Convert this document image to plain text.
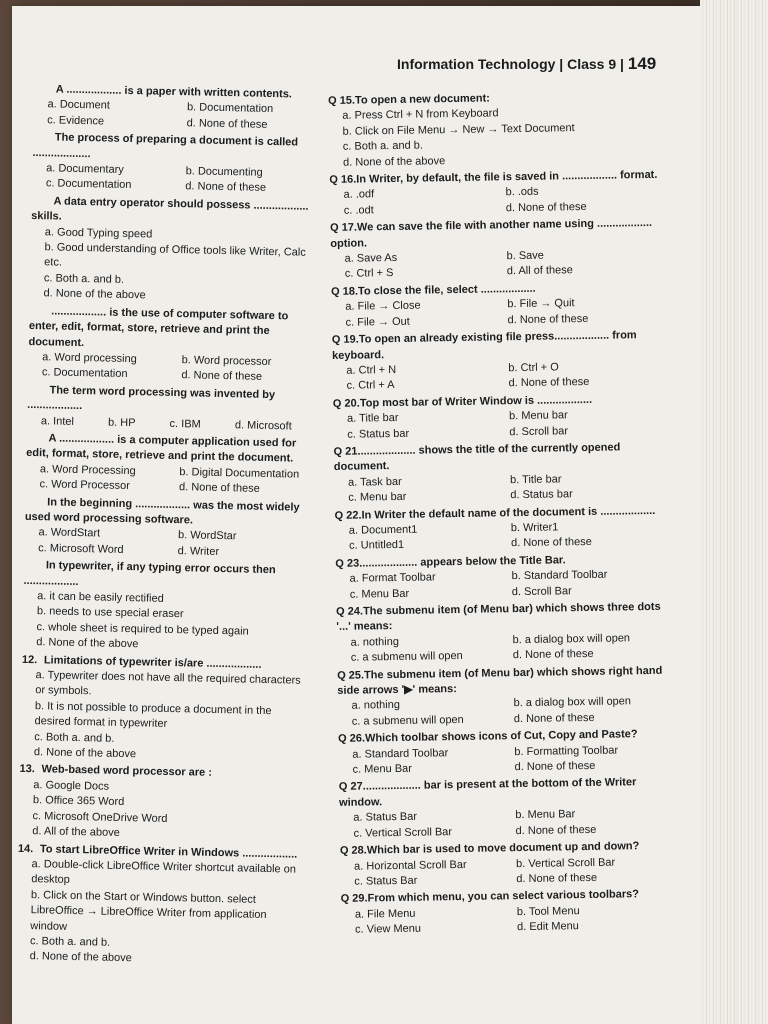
Information Technology | Class 9 | 149
A .................. is a paper with written contents.
a. Document	b. Documentation
c. Evidence	d. None of these
The process of preparing a document is called ...................
a. Documentary	b. Documenting
c. Documentation	d. None of these
A data entry operator should possess .................. skills.
a. Good Typing speed
b. Good understanding of Office tools like Writer, Calc etc.
c. Both a. and b.
d. None of the above
.................. is the use of computer software to enter, edit, format, store, retrieve and print the document.
a. Word processing	b. Word processor
c. Documentation	d. None of these
The term word processing was invented by ..................
a. Intel	b. HP	c. IBM	d. Microsoft
A .................. is a computer application used for edit, format, store, retrieve and print the document.
a. Word Processing	b. Digital Documentation
c. Word Processor	d. None of these
In the beginning .................. was the most widely used word processing software.
a. WordStart	b. WordStar
c. Microsoft Word	d. Writer
In typewriter, if any typing error occurs then ..................
a. it can be easily rectified
b. needs to use special eraser
c. whole sheet is required to be typed again
d. None of the above
12. Limitations of typewriter is/are ..................
a. Typewriter does not have all the required characters or symbols.
b. It is not possible to produce a document in the desired format in typewriter
c. Both a. and b.
d. None of the above
13. Web-based word processor are :
a. Google Docs
b. Office 365 Word
c. Microsoft OneDrive Word
d. All of the above
14. To start LibreOffice Writer in Windows ..................
a. Double-click LibreOffice Writer shortcut available on desktop
b. Click on the Start or Windows button. select LibreOffice → LibreOffice Writer from application window
c. Both a. and b.
d. None of the above
Q 15.To open a new document:
a. Press Ctrl + N from Keyboard
b. Click on File Menu → New → Text Document
c. Both a. and b.
d. None of the above
Q 16.In Writer, by default, the file is saved in .................. format.
a. .odf	b. .ods
c. .odt	d. None of these
Q 17.We can save the file with another name using .................. option.
a. Save As	b. Save
c. Ctrl + S	d. All of these
Q 18.To close the file, select ..................
a. File → Close	b. File → Quit
c. File → Out	d. None of these
Q 19.To open an already existing file press.................. from keyboard.
a. Ctrl + N	b. Ctrl + O
c. Ctrl + A	d. None of these
Q 20.Top most bar of Writer Window is ..................
a. Title bar	b. Menu bar
c. Status bar	d. Scroll bar
Q 21................... shows the title of the currently opened document.
a. Task bar	b. Title bar
c. Menu bar	d. Status bar
Q 22.In Writer the default name of the document is ..................
a. Document1	b. Writer1
c. Untitled1	d. None of these
Q 23................... appears below the Title Bar.
a. Format Toolbar	b. Standard Toolbar
c. Menu Bar	d. Scroll Bar
Q 24.The submenu item (of Menu bar) which shows three dots '...' means:
a. nothing	b. a dialog box will open
c. a submenu will open	d. None of these
Q 25.The submenu item (of Menu bar) which shows right hand side arrows '▶' means:
a. nothing	b. a dialog box will open
c. a submenu will open	d. None of these
Q 26.Which toolbar shows icons of Cut, Copy and Paste?
a. Standard Toolbar	b. Formatting Toolbar
c. Menu Bar	d. None of these
Q 27................... bar is present at the bottom of the Writer window.
a. Status Bar	b. Menu Bar
c. Vertical Scroll Bar	d. None of these
Q 28.Which bar is used to move document up and down?
a. Horizontal Scroll Bar	b. Vertical Scroll Bar
c. Status Bar	d. None of these
Q 29.From which menu, you can select various toolbars?
a. File Menu	b. Tool Menu
c. View Menu	d. Edit Menu
